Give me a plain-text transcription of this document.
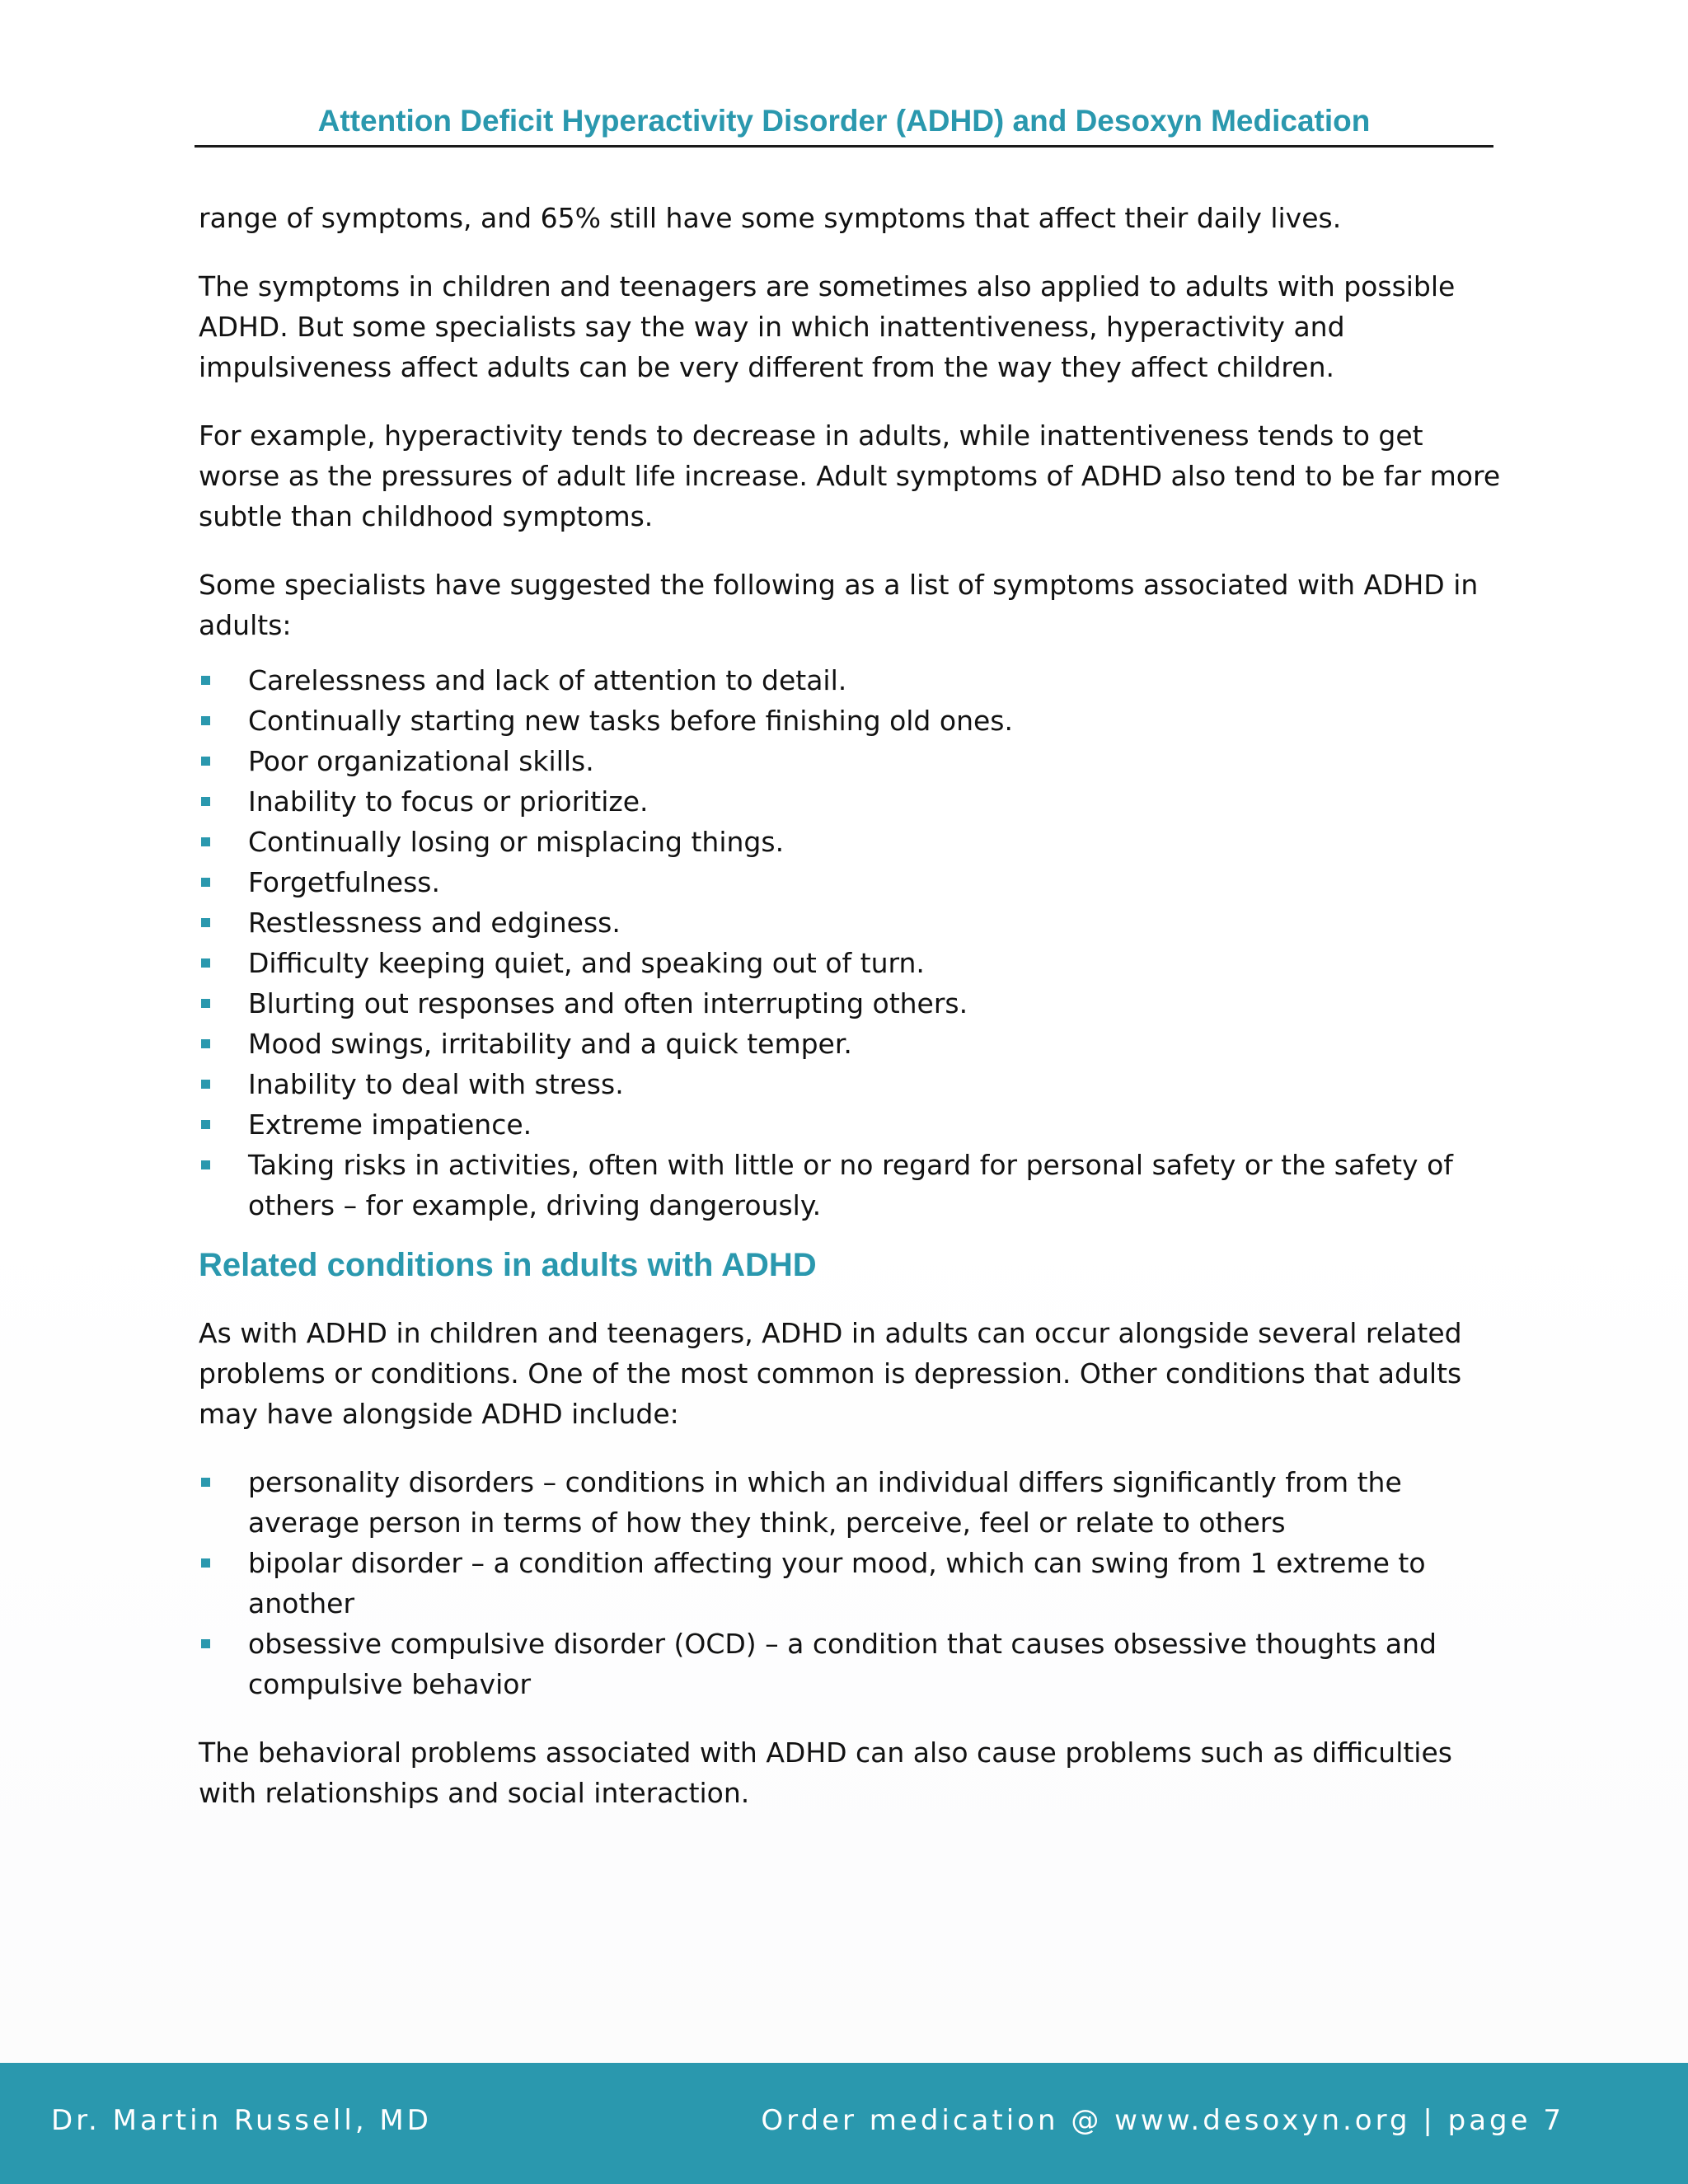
Attention Deficit Hyperactivity Disorder (ADHD) and Desoxyn Medication

range of symptoms, and 65% still have some symptoms that affect their daily lives.

The symptoms in children and teenagers are sometimes also applied to adults with possible ADHD. But some specialists say the way in which inattentiveness, hyperactivity and impulsiveness affect adults can be very different from the way they affect children.

For example, hyperactivity tends to decrease in adults, while inattentiveness tends to get worse as the pressures of adult life increase. Adult symptoms of ADHD also tend to be far more subtle than childhood symptoms.

Some specialists have suggested the following as a list of symptoms associated with ADHD in adults:

Carelessness and lack of attention to detail.
Continually starting new tasks before finishing old ones.
Poor organizational skills.
Inability to focus or prioritize.
Continually losing or misplacing things.
Forgetfulness.
Restlessness and edginess.
Difficulty keeping quiet, and speaking out of turn.
Blurting out responses and often interrupting others.
Mood swings, irritability and a quick temper.
Inability to deal with stress.
Extreme impatience.
Taking risks in activities, often with little or no regard for personal safety or the safety of others – for example, driving dangerously.
Related conditions in adults with ADHD

As with ADHD in children and teenagers, ADHD in adults can occur alongside several related problems or conditions. One of the most common is depression. Other conditions that adults may have alongside ADHD include:

personality disorders – conditions in which an individual differs significantly from the average person in terms of how they think, perceive, feel or relate to others
bipolar disorder – a condition affecting your mood, which can swing from 1 extreme to another
obsessive compulsive disorder (OCD) – a condition that causes obsessive thoughts and compulsive behavior

The behavioral problems associated with ADHD can also cause problems such as difficulties with relationships and social interaction.

Dr. Martin Russell, MD	Order medication @ www.desoxyn.org | page 7
